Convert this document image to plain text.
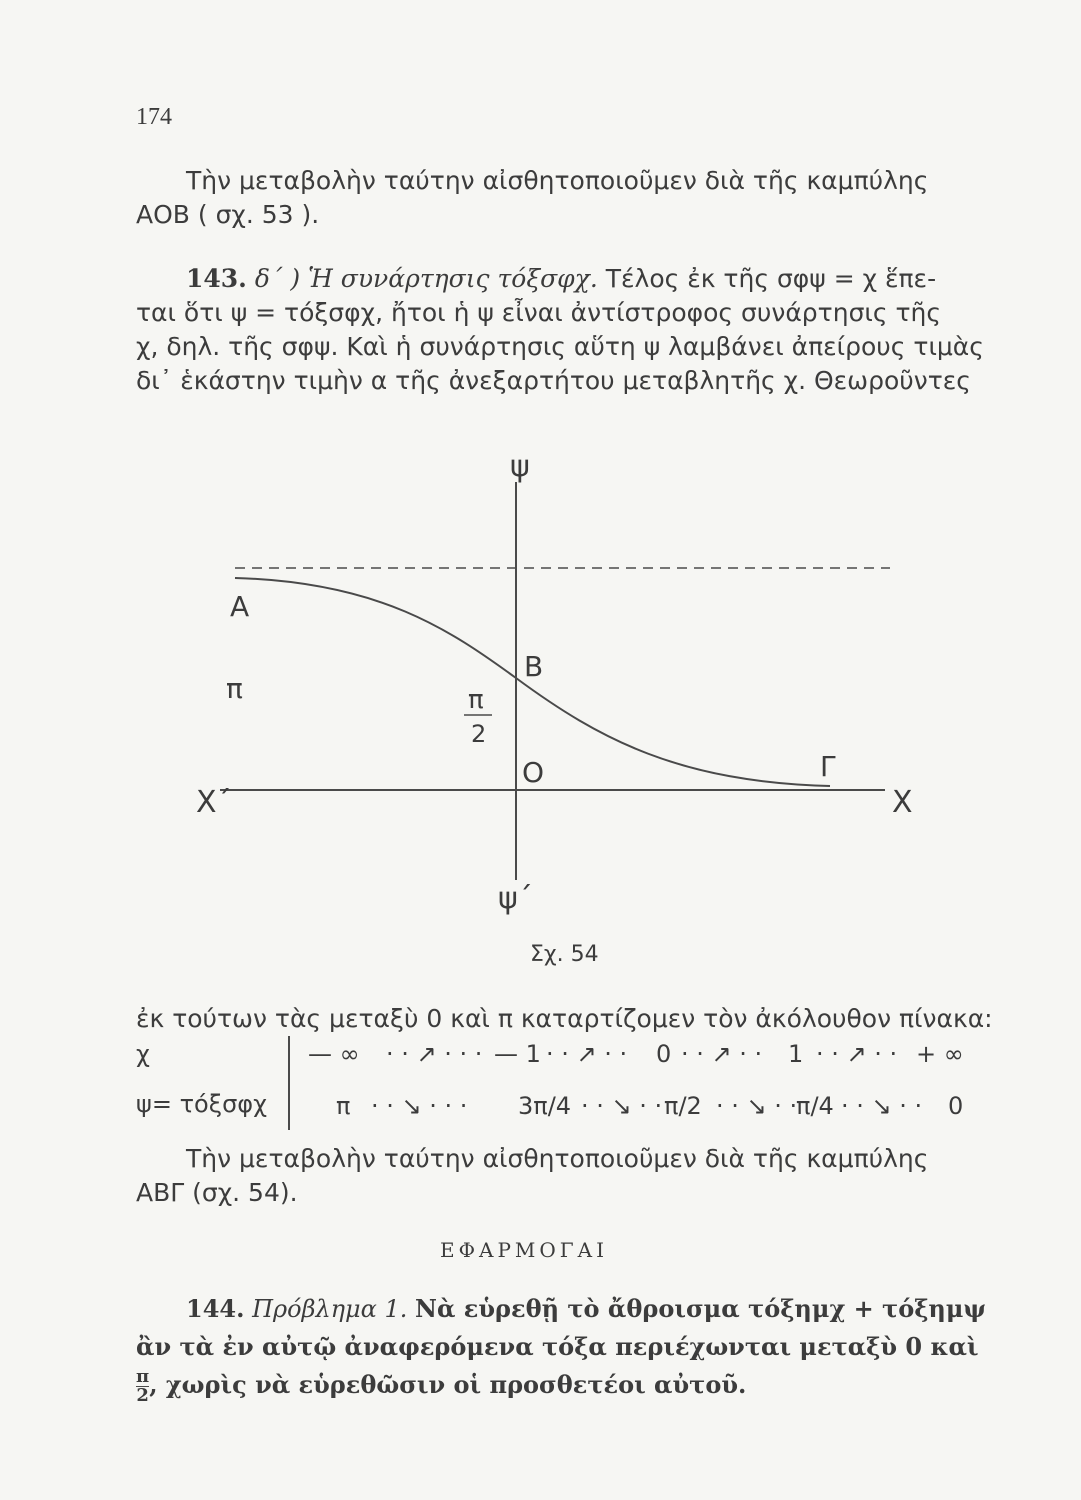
174
Τὴν μεταβολὴν ταύτην αἰσθητοποιοῦμεν διὰ τῆς καμπύλης
ΑΟΒ ( σχ. 53 ).
143. δ΄ ) Ἡ συνάρτησις τόξσφχ. Τέλος ἐκ τῆς σφψ = χ ἕπε-
ται ὅτι ψ = τόξσφχ, ἤτοι ἡ ψ εἶναι ἀντίστροφος συνάρτησις τῆς
χ, δηλ. τῆς σφψ. Καὶ ἡ συνάρτησις αὕτη ψ λαμβάνει ἀπείρους τιμὰς
δι᾽ ἑκάστην τιμὴν α τῆς ἀνεξαρτήτου μεταβλητῆς χ. Θεωροῦντες
ψ
ψ΄
Χ
Χ΄
Α
Β
Ο	Γ
π	π
2
Σχ. 54
ἐκ τούτων τὰς μεταξὺ 0 καὶ π καταρτίζομεν τὸν ἀκόλουθον πίνακα:
χ
ψ= τόξσφχ
— ∞ · · ↗ · · · — 1 · · ↗ · · 0 · · ↗ · · 1 · · ↗ · · + ∞
π · · ↘ · · · 3π/4 · · ↘ · · π/2 · · ↘ · ·
π/4 · · ↘ · · 0
Τὴν μεταβολὴν ταύτην αἰσθητοποιοῦμεν διὰ τῆς καμπύλης
ΑΒΓ (σχ. 54).
ΕΦΑΡΜΟΓΑΙ
144. Πρόβλημα 1. Νὰ εὑρεθῇ τὸ ἄθροισμα τόξημχ + τόξημψ
ἂν τὰ ἐν αὐτῷ ἀναφερόμενα τόξα περιέχωνται μεταξὺ 0 καὶ
$\frac{\pi}{2}$ , χωρὶς νὰ εὑρεθῶσιν οἱ προσθετέοι αὐτοῦ.
